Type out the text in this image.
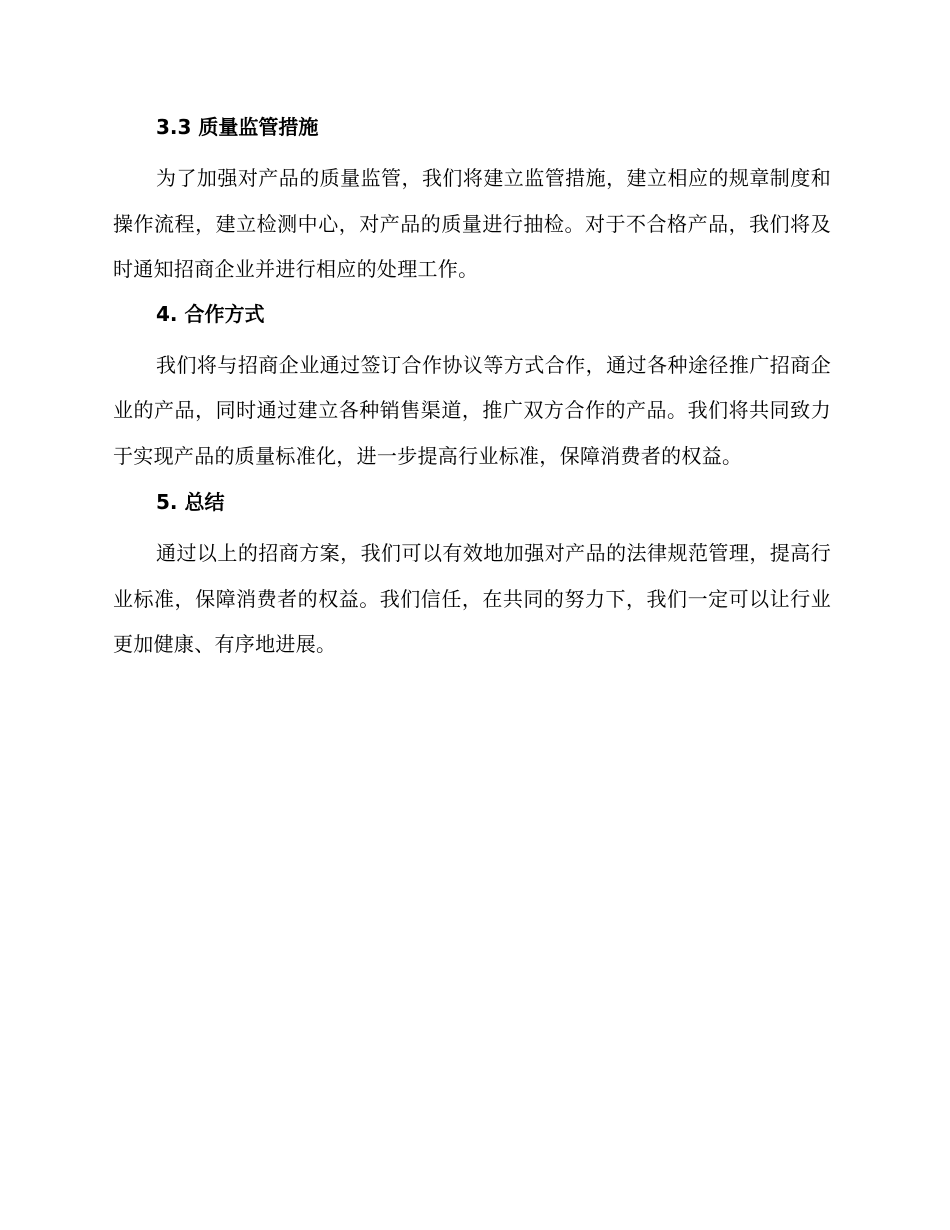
3.3 质量监管措施

为了加强对产品的质量监管，我们将建立监管措施，建立相应的规章制度和操作流程，建立检测中心，对产品的质量进行抽检。对于不合格产品，我们将及时通知招商企业并进行相应的处理工作。

4. 合作方式

我们将与招商企业通过签订合作协议等方式合作，通过各种途径推广招商企业的产品，同时通过建立各种销售渠道，推广双方合作的产品。我们将共同致力于实现产品的质量标准化，进一步提高行业标准，保障消费者的权益。

5. 总结

通过以上的招商方案，我们可以有效地加强对产品的法律规范管理，提高行业标准，保障消费者的权益。我们信任，在共同的努力下，我们一定可以让行业更加健康、有序地进展。
